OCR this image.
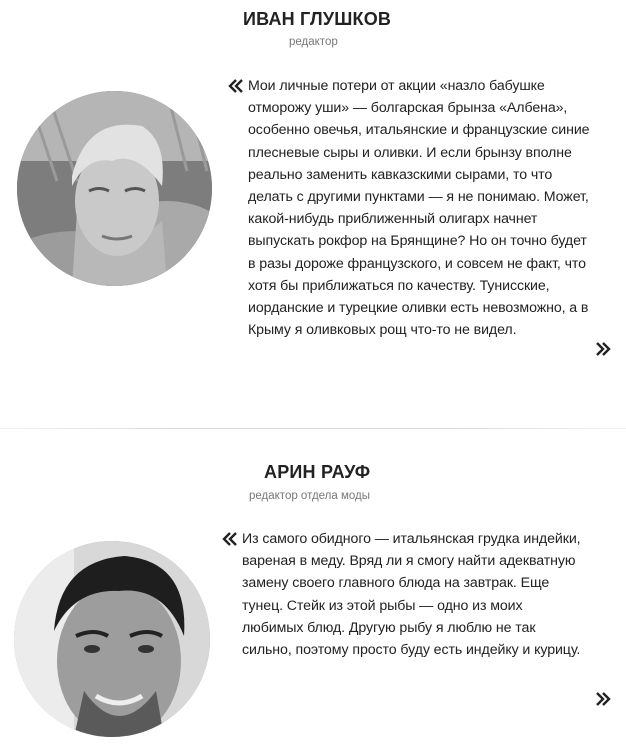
ИВАН ГЛУШКОВ
редактор

Мои личные потери от акции «назло бабушке отморожу уши» — болгарская брынза «Албена», особенно овечья, итальянские и французские синие плесневые сыры и оливки. И если брынзу вполне реально заменить кавказскими сырами, то что делать с другими пунктами — я не понимаю. Может, какой-нибудь приближенный олигарх начнет выпускать рокфор на Брянщине? Но он точно будет в разы дороже французского, и совсем не факт, что хотя бы приближаться по качеству. Тунисские, иорданские и турецкие оливки есть невозможно, а в Крыму я оливковых рощ что-то не видел.

АРИН РАУФ
редактор отдела моды

Из самого обидного — итальянская грудка индейки, вареная в меду. Вряд ли я смогу найти адекватную замену своего главного блюда на завтрак. Еще тунец. Стейк из этой рыбы — одно из моих любимых блюд. Другую рыбу я люблю не так сильно, поэтому просто буду есть индейку и курицу.
